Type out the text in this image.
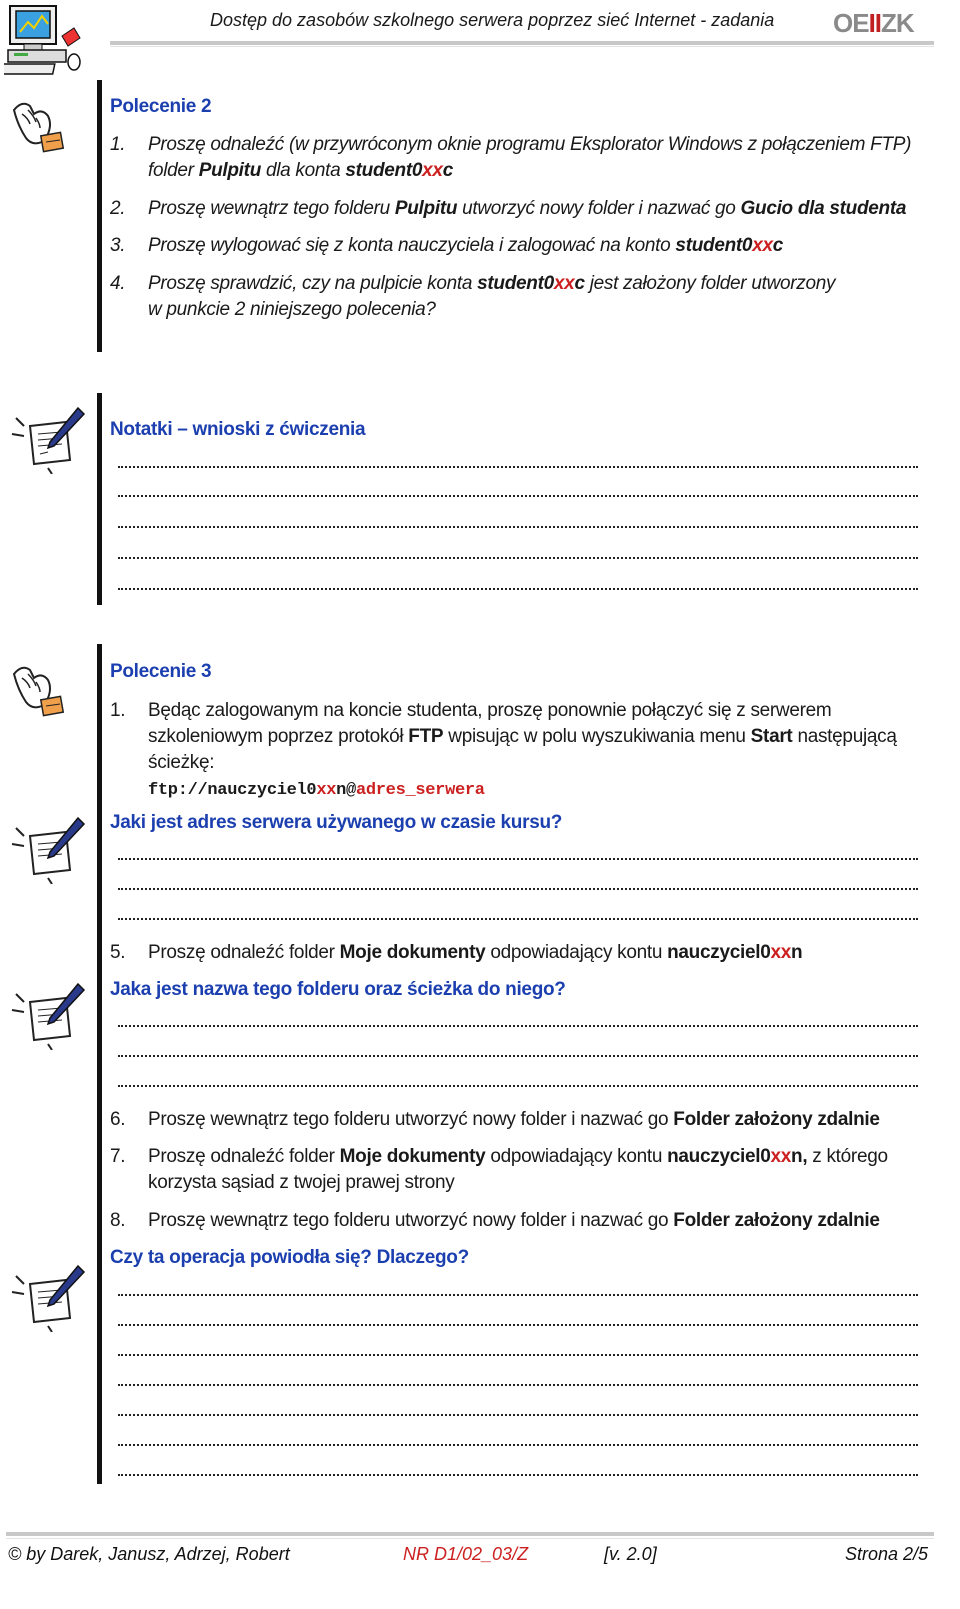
Dostęp do zasobów szkolnego serwera poprzez sieć Internet - zadania OEIIZK
Polecenie 2
1. Proszę odnaleźć (w przywróconym oknie programu Eksplorator Windows z połączeniem FTP)
folder Pulpitu dla konta student0xxc
2. Proszę wewnątrz tego folderu Pulpitu utworzyć nowy folder i nazwać go Gucio dla studenta
3. Proszę wylogować się z konta nauczyciela i zalogować na konto student0xxc
4. Proszę sprawdzić, czy na pulpicie konta student0xxc jest założony folder utworzony
w punkcie 2 niniejszego polecenia?
Notatki – wnioski z ćwiczenia
Polecenie 3
1. Będąc zalogowanym na koncie studenta, proszę ponownie połączyć się z serwerem
szkoleniowym poprzez protokół FTP wpisując w polu wyszukiwania menu Start następującą
ścieżkę:
ftp://nauczyciel0xxn@adres_serwera
Jaki jest adres serwera używanego w czasie kursu?
5. Proszę odnaleźć folder Moje dokumenty odpowiadający kontu nauczyciel0xxn
Jaka jest nazwa tego folderu oraz ścieżka do niego?
6. Proszę wewnątrz tego folderu utworzyć nowy folder i nazwać go Folder założony zdalnie
7. Proszę odnaleźć folder Moje dokumenty odpowiadający kontu nauczyciel0xxn, z którego
korzysta sąsiad z twojej prawej strony
8. Proszę wewnątrz tego folderu utworzyć nowy folder i nazwać go Folder założony zdalnie
Czy ta operacja powiodła się? Dlaczego?
© by Darek, Janusz, Adrzej, Robert	NR D1/02_03/Z	[v. 2.0]	Strona 2/5
